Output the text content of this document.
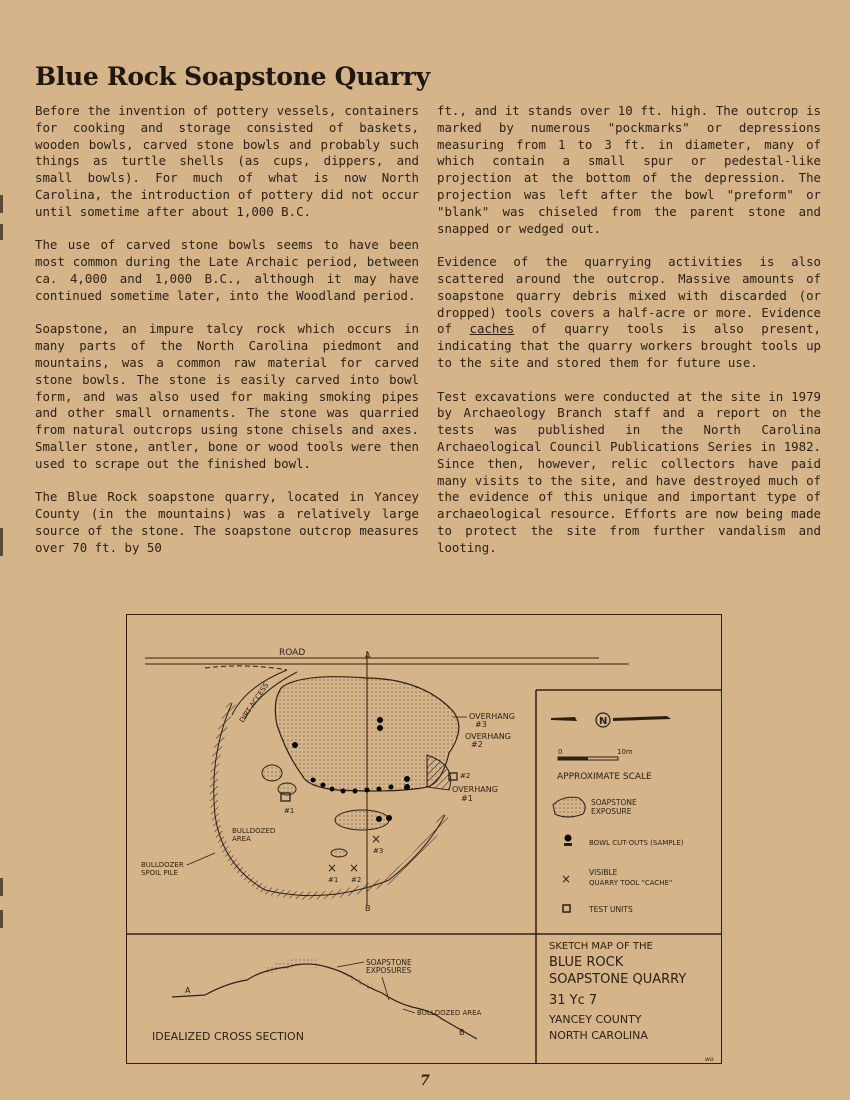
Blue Rock Soapstone Quarry

Before the invention of pottery vessels, containers for cooking and storage consisted of baskets, wooden bowls, carved stone bowls and probably such things as turtle shells (as cups, dippers, and small bowls). For much of what is now North Carolina, the introduction of pottery did not occur until sometime after about 1,000 B.C.

The use of carved stone bowls seems to have been most common during the Late Archaic period, between ca. 4,000 and 1,000 B.C., although it may have continued sometime later, into the Woodland period.

Soapstone, an impure talcy rock which occurs in many parts of the North Carolina piedmont and mountains, was a common raw material for carved stone bowls. The stone is easily carved into bowl form, and was also used for making smoking pipes and other small ornaments. The stone was quarried from natural outcrops using stone chisels and axes. Smaller stone, antler, bone or wood tools were then used to scrape out the finished bowl.

The Blue Rock soapstone quarry, located in Yancey County (in the mountains) was a relatively large source of the stone. The soapstone outcrop measures over 70 ft. by 50

ft., and it stands over 10 ft. high. The outcrop is marked by numerous "pockmarks" or depressions measuring from 1 to 3 ft. in diameter, many of which contain a small spur or pedestal-like projection at the bottom of the depression. The projection was left after the bowl "preform" or "blank" was chiseled from the parent stone and snapped or wedged out.

Evidence of the quarrying activities is also scattered around the outcrop. Massive amounts of soapstone quarry debris mixed with discarded (or dropped) tools covers a half-acre or more. Evidence of caches of quarry tools is also present, indicating that the quarry workers brought tools up to the site and stored them for future use.

Test excavations were conducted at the site in 1979 by Archaeology Branch staff and a report on the tests was published in the North Carolina Archaeological Council Publications Series in 1982. Since then, however, relic collectors have paid many visits to the site, and have destroyed much of the evidence of this unique and important type of archaeological resource. Efforts are now being made to protect the site from further vandalism and looting.

ROAD	A
B
DIRT ACCESS
#1
#2
OVERHANG
#3
OVERHANG
#2
OVERHANG
#1
BULLDOZED
AREA
BULLDOZER
SPOIL PILE	×
#1
×
#2
×
#3
N
0	10m
APPROXIMATE SCALE
SOAPSTONE
EXPOSURE
BOWL CUT-OUTS (SAMPLE)
× VISIBLE
QUARRY TOOL "CACHE"
TEST UNITS
SKETCH MAP OF THE
BLUE ROCK
SOAPSTONE QUARRY
31 Yc 7
YANCEY COUNTY
NORTH CAROLINA
wo
A
B
SOAPSTONE
EXPOSURES
BULLDOZED AREA
IDEALIZED CROSS SECTION
7
